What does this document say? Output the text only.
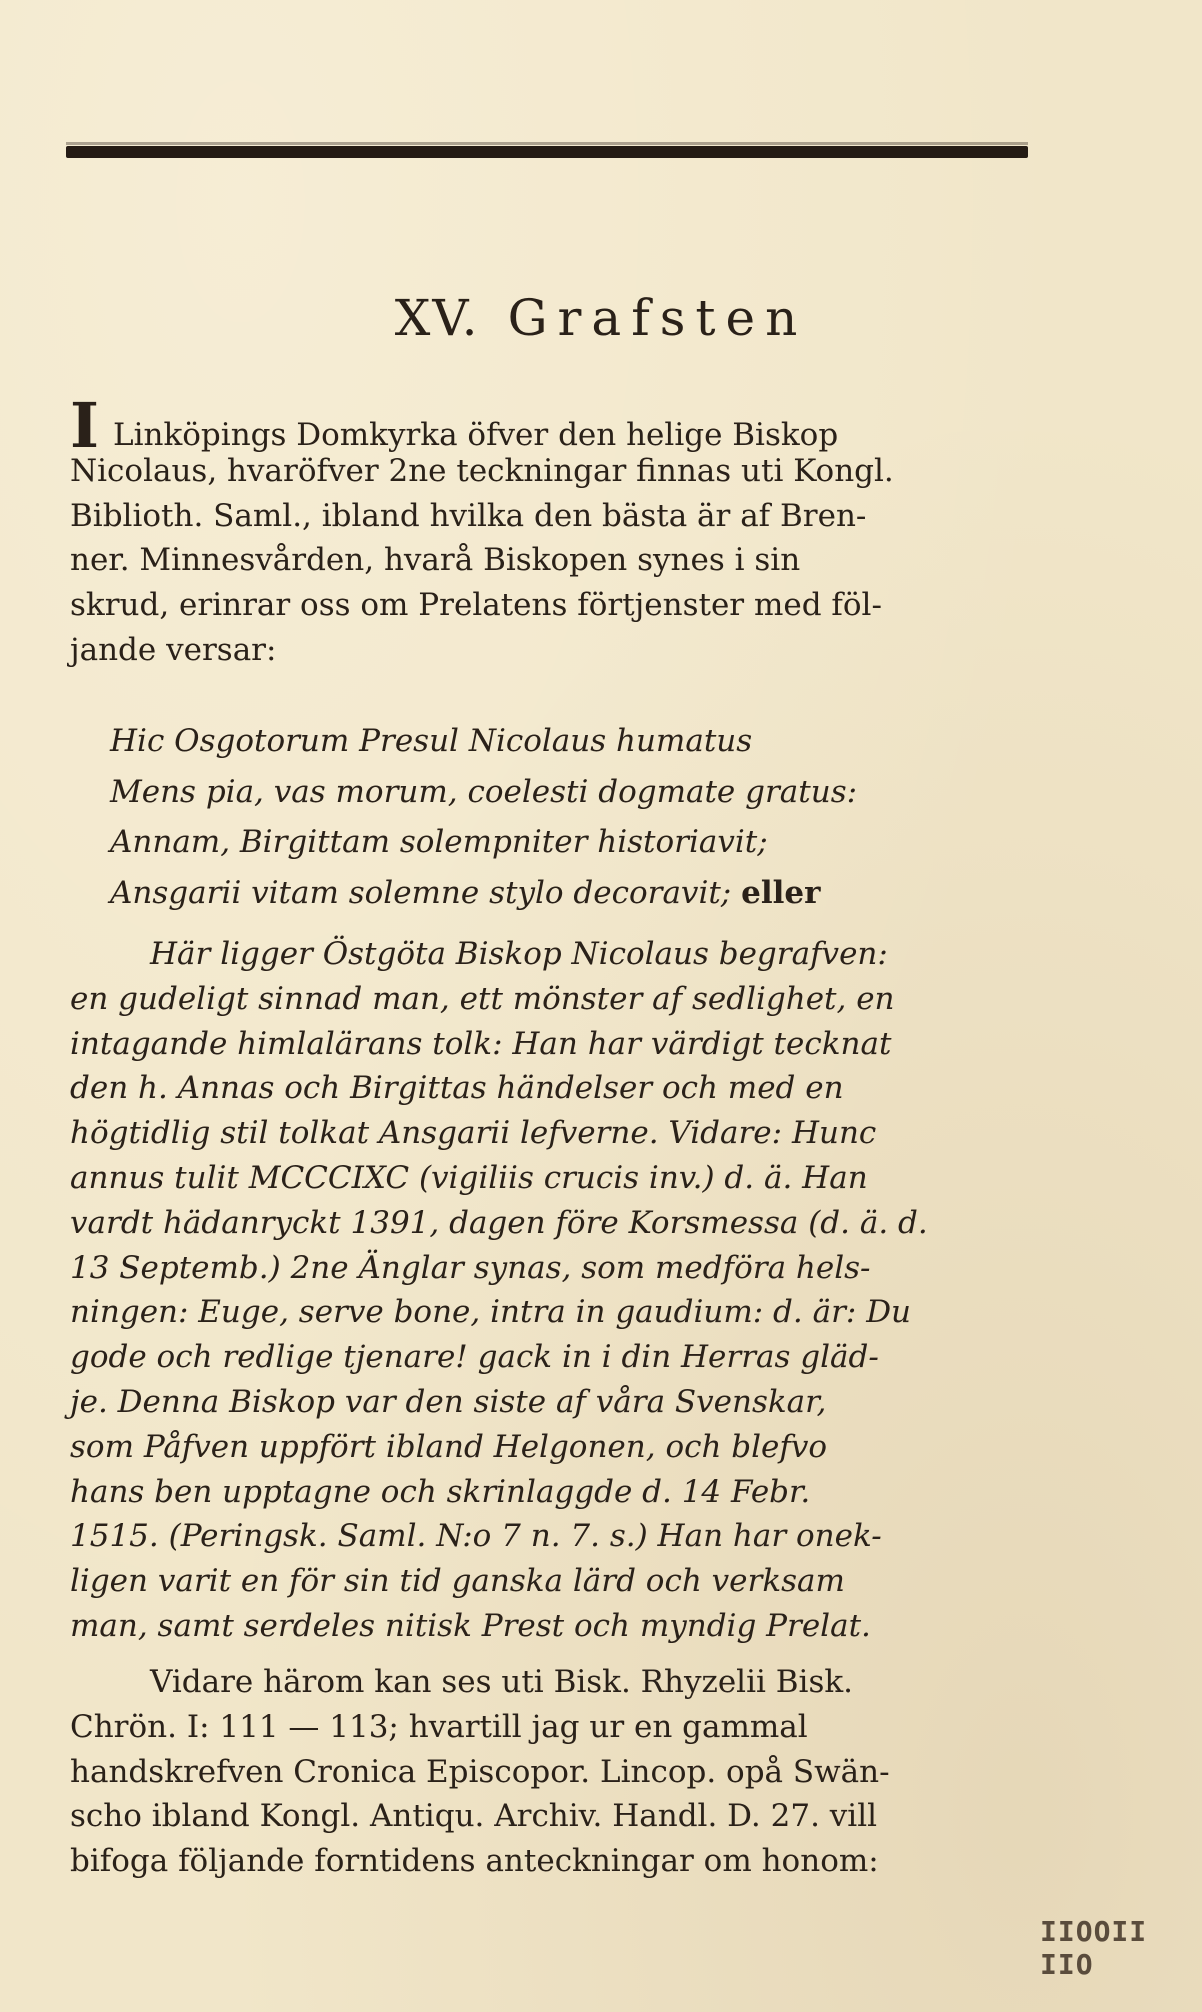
XV. Grafsten
I Linköpings Domkyrka öfver den helige Biskop
Nicolaus, hvaröfver 2ne teckningar finnas uti Kongl.
Biblioth. Saml., ibland hvilka den bästa är af Bren-
ner. Minnesvården, hvarå Biskopen synes i sin
skrud, erinrar oss om Prelatens förtjenster med föl-
jande versar:
Hic Osgotorum Presul Nicolaus humatus
Mens pia, vas morum, coelesti dogmate gratus:
Annam, Birgittam solempniter historiavit;
Ansgarii vitam solemne stylo decoravit; eller
Här ligger Östgöta Biskop Nicolaus begrafven:
en gudeligt sinnad man, ett mönster af sedlighet, en
intagande himlalärans tolk: Han har värdigt tecknat
den h. Annas och Birgittas händelser och med en
högtidlig stil tolkat Ansgarii lefverne. Vidare: Hunc
annus tulit MCCCIXC (vigiliis crucis inv.) d. ä. Han
vardt hädanryckt 1391, dagen före Korsmessa (d. ä. d.
13 Septemb.) 2ne Änglar synas, som medföra hels-
ningen: Euge, serve bone, intra in gaudium: d. är: Du
gode och redlige tjenare! gack in i din Herras gläd-
je. Denna Biskop var den siste af våra Svenskar,
som Påfven uppfört ibland Helgonen, och blefvo
hans ben upptagne och skrinlaggde d. 14 Febr.
1515. (Peringsk. Saml. N:o 7 n. 7. s.) Han har onek-
ligen varit en för sin tid ganska lärd och verksam
man, samt serdeles nitisk Prest och myndig Prelat.
Vidare härom kan ses uti Bisk. Rhyzelii Bisk.
Chrön. I: 111 — 113; hvartill jag ur en gammal
handskrefven Cronica Episcopor. Lincop. opå Swän-
scho ibland Kongl. Antiqu. Archiv. Handl. D. 27. vill
bifoga följande forntidens anteckningar om honom:
IIOOII IIO
